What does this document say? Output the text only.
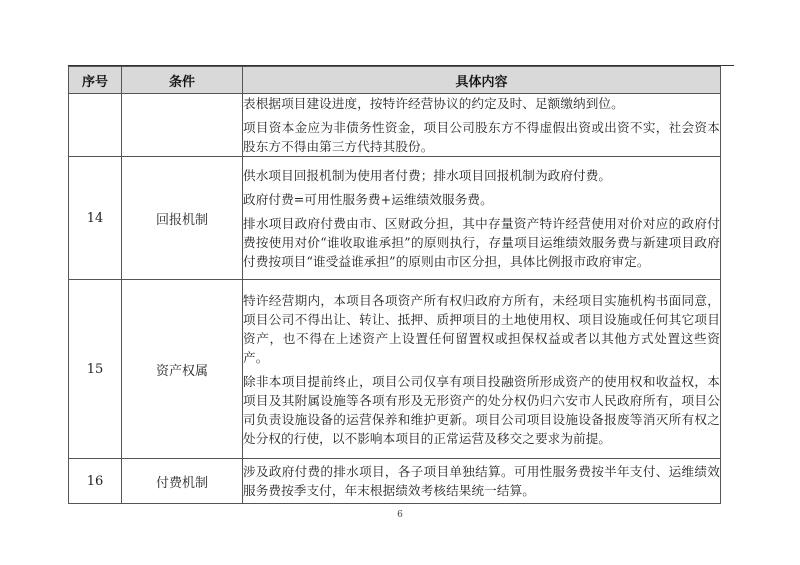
序号	条件	具体内容

		表根据项目建设进度，按特许经营协议的约定及时、足额缴纳到位。

项目资本金应为非债务性资金，项目公司股东方不得虚假出资或出资不实，社会资本股东方不得由第三方代持其股份。

14	回报机制	供水项目回报机制为使用者付费；排水项目回报机制为政府付费。

政府付费=可用性服务费+运维绩效服务费。

排水项目政府付费由市、区财政分担，其中存量资产特许经营使用对价对应的政府付费按使用对价“谁收取谁承担”的原则执行，存量项目运维绩效服务费与新建项目政府付费按项目“谁受益谁承担”的原则由市区分担，具体比例报市政府审定。

15	资产权属	特许经营期内，本项目各项资产所有权归政府方所有，未经项目实施机构书面同意，项目公司不得出让、转让、抵押、质押项目的土地使用权、项目设施或任何其它项目资产，也不得在上述资产上设置任何留置权或担保权益或者以其他方式处置这些资产。

除非本项目提前终止，项目公司仅享有项目投融资所形成资产的使用权和收益权，本项目及其附属设施等各项有形及无形资产的处分权仍归六安市人民政府所有，项目公司负责设施设备的运营保养和维护更新。项目公司项目设施设备报废等消灭所有权之处分权的行使，以不影响本项目的正常运营及移交之要求为前提。

16	付费机制	涉及政府付费的排水项目，各子项目单独结算。可用性服务费按半年支付、运维绩效服务费按季支付，年末根据绩效考核结果统一结算。

6
